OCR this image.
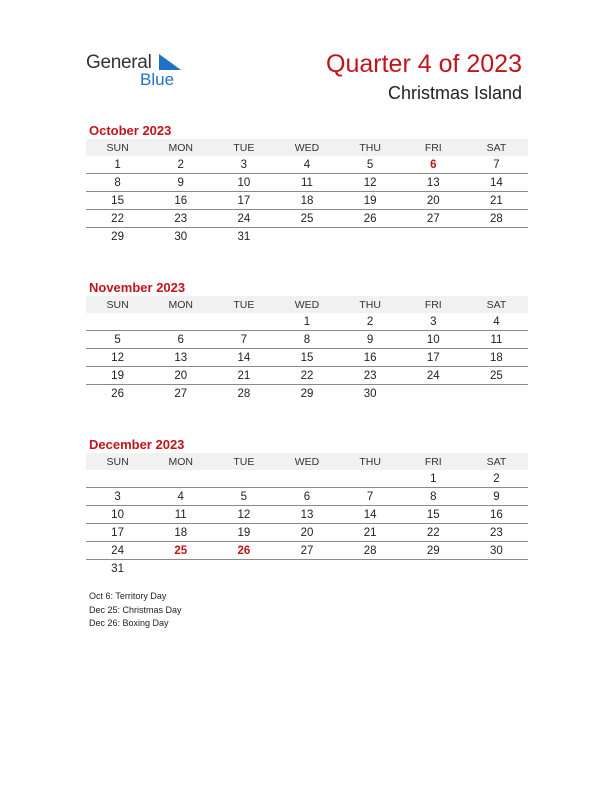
General
Blue
Quarter 4 of 2023
Christmas Island
October 2023
SUN	MON	TUE	WED	THU	FRI	SAT
1	2	3	4	5	6	7
8	9	10	11	12	13	14
15	16	17	18	19	20	21
22	23	24	25	26	27	28
29	30	31				
November 2023
SUN	MON	TUE	WED	THU	FRI	SAT
			1	2	3	4
5	6	7	8	9	10	11
12	13	14	15	16	17	18
19	20	21	22	23	24	25
26	27	28	29	30		
December 2023
SUN	MON	TUE	WED	THU	FRI	SAT
					1	2
3	4	5	6	7	8	9
10	11	12	13	14	15	16
17	18	19	20	21	22	23
24	25	26	27	28	29	30
31						
Oct 6: Territory Day
Dec 25: Christmas Day
Dec 26: Boxing Day
